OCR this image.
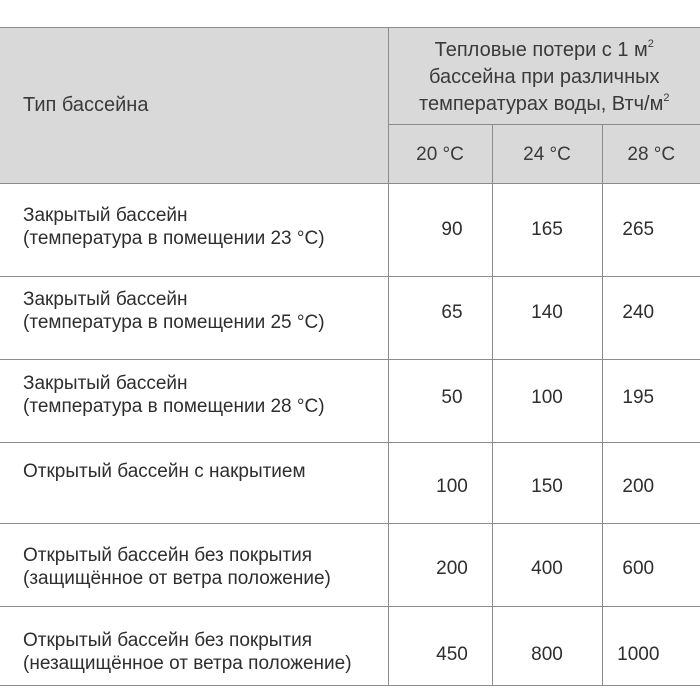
Тип бассейна	Тепловые потери с 1 $м^2$
бассейна при различных
температурах воды, Втч/$м^2$
	20 °C	24 °C	28 °C

Закрытый бассейн
(температура в помещении 23 °C)	90	165	265

Закрытый бассейн
(температура в помещении 25 °C)	65	140	240

Закрытый бассейн
(температура в помещении 28 °C)	50	100	195

Открытый бассейн с накрытием	100	150	200

Открытый бассейн без покрытия
(защищённое от ветра положение)	200	400	600

Открытый бассейн без покрытия
(незащищённое от ветра положение)	450	800	1000
